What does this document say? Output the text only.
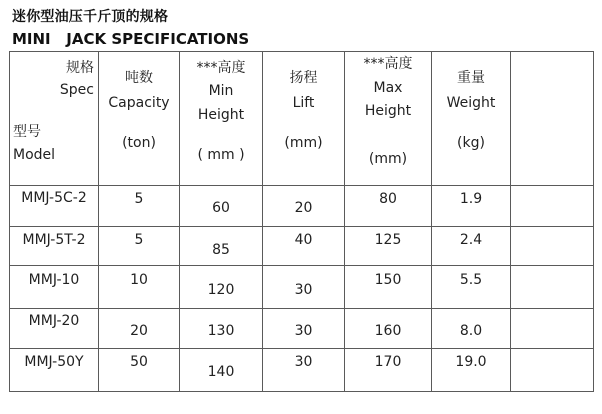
迷你型油压千斤顶的规格
MINI   JACK SPECIFICATIONS
规格
Spec
型号
Model	吨数
Capacity
(ton)	***高度
Min
Height
( mm )	扬程
Lift
(mm)	***高度
Max
Height
(mm)	重量
Weight
(kg)	

MMJ-5C-2	5	60	20	80	1.9	

MMJ-5T-2	5	85	40	125	2.4	

MMJ-10	10	120	30	150	5.5	

MMJ-20	20	130	30	160	8.0	

MMJ-50Y	50	140	30	170	19.0	
